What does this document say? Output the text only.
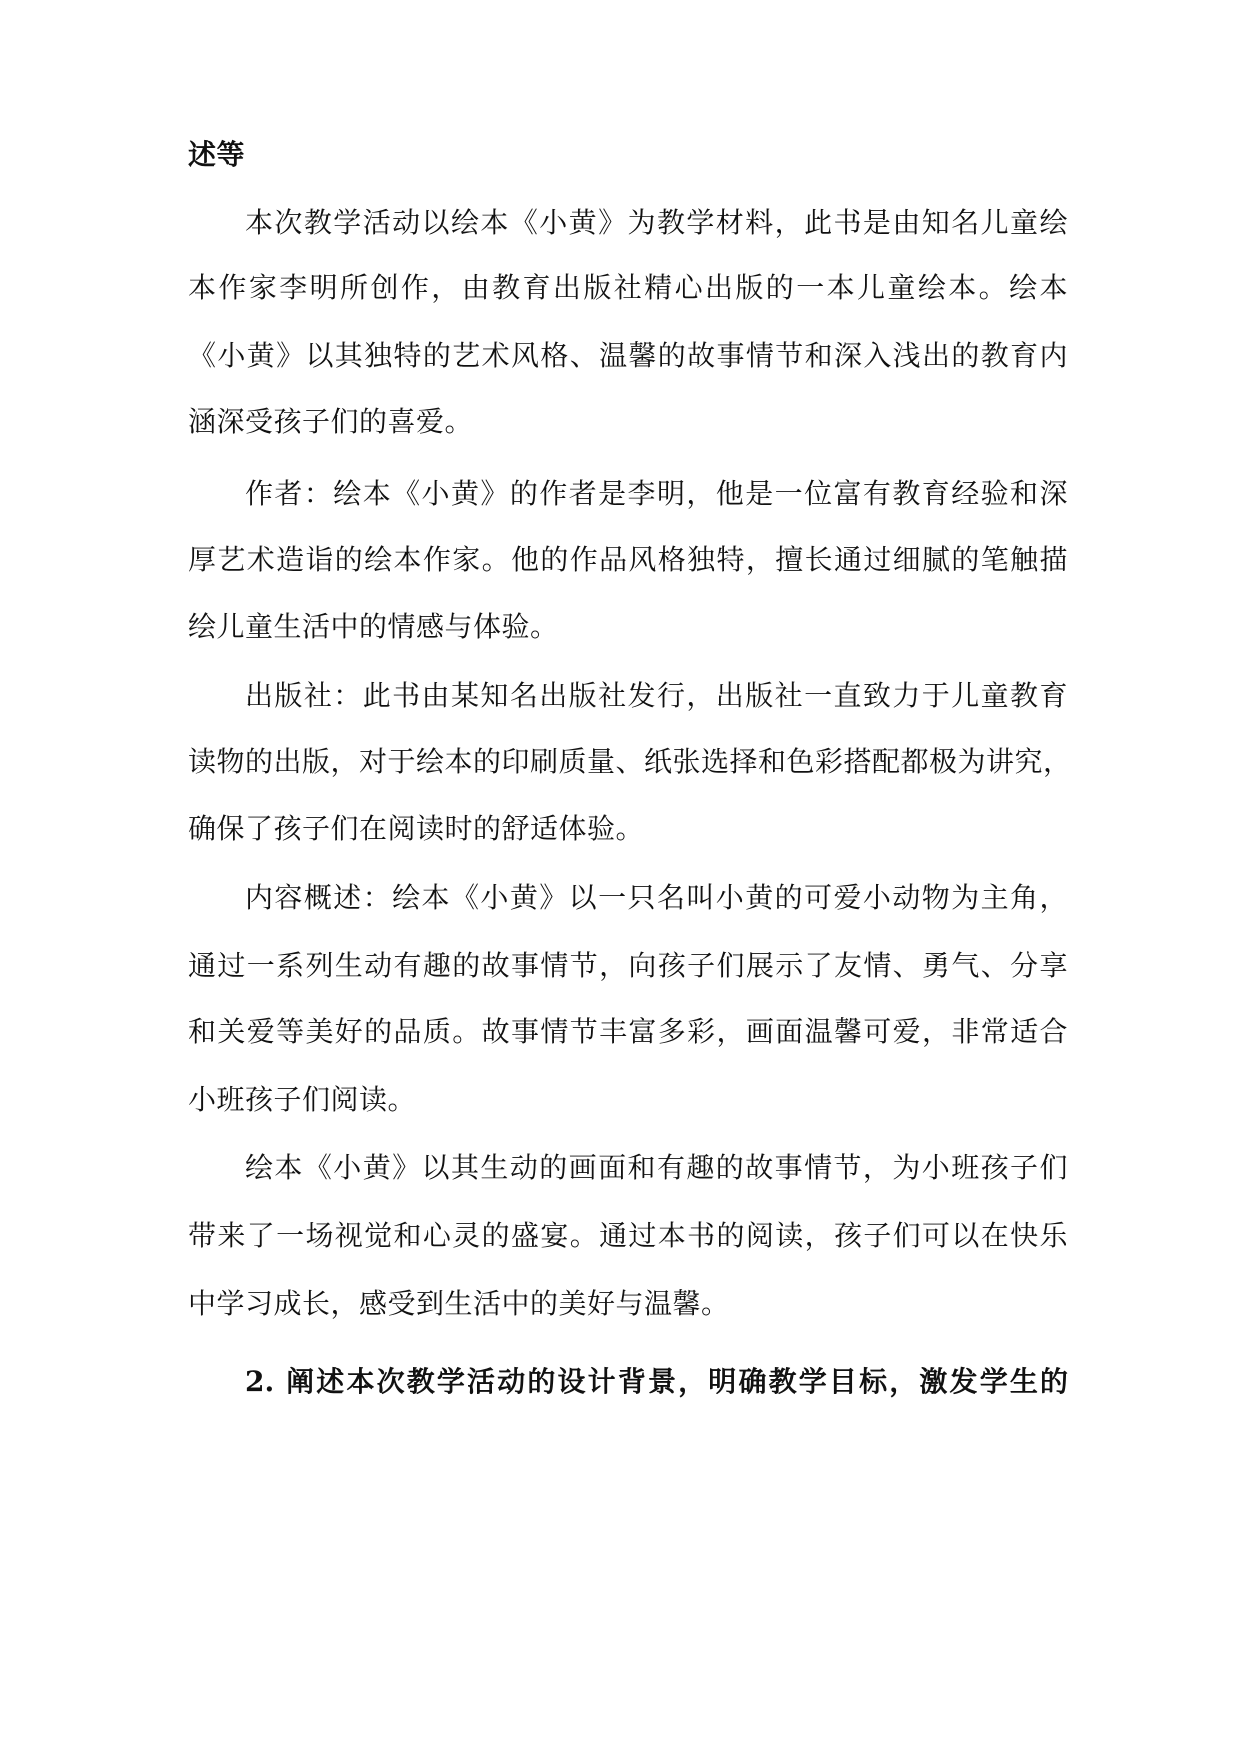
述等
本次教学活动以绘本《小黄》为教学材料，此书是由知名儿童绘
本作家李明所创作，由教育出版社精心出版的一本儿童绘本。绘本
《小黄》以其独特的艺术风格、温馨的故事情节和深入浅出的教育内
涵深受孩子们的喜爱。
作者：绘本《小黄》的作者是李明，他是一位富有教育经验和深
厚艺术造诣的绘本作家。他的作品风格独特，擅长通过细腻的笔触描
绘儿童生活中的情感与体验。
出版社：此书由某知名出版社发行，出版社一直致力于儿童教育
读物的出版，对于绘本的印刷质量、纸张选择和色彩搭配都极为讲究，
确保了孩子们在阅读时的舒适体验。
内容概述：绘本《小黄》以一只名叫小黄的可爱小动物为主角，
通过一系列生动有趣的故事情节，向孩子们展示了友情、勇气、分享
和关爱等美好的品质。故事情节丰富多彩，画面温馨可爱，非常适合
小班孩子们阅读。
绘本《小黄》以其生动的画面和有趣的故事情节，为小班孩子们
带来了一场视觉和心灵的盛宴。通过本书的阅读，孩子们可以在快乐
中学习成长，感受到生活中的美好与温馨。
2. 阐述本次教学活动的设计背景，明确教学目标，激发学生的
